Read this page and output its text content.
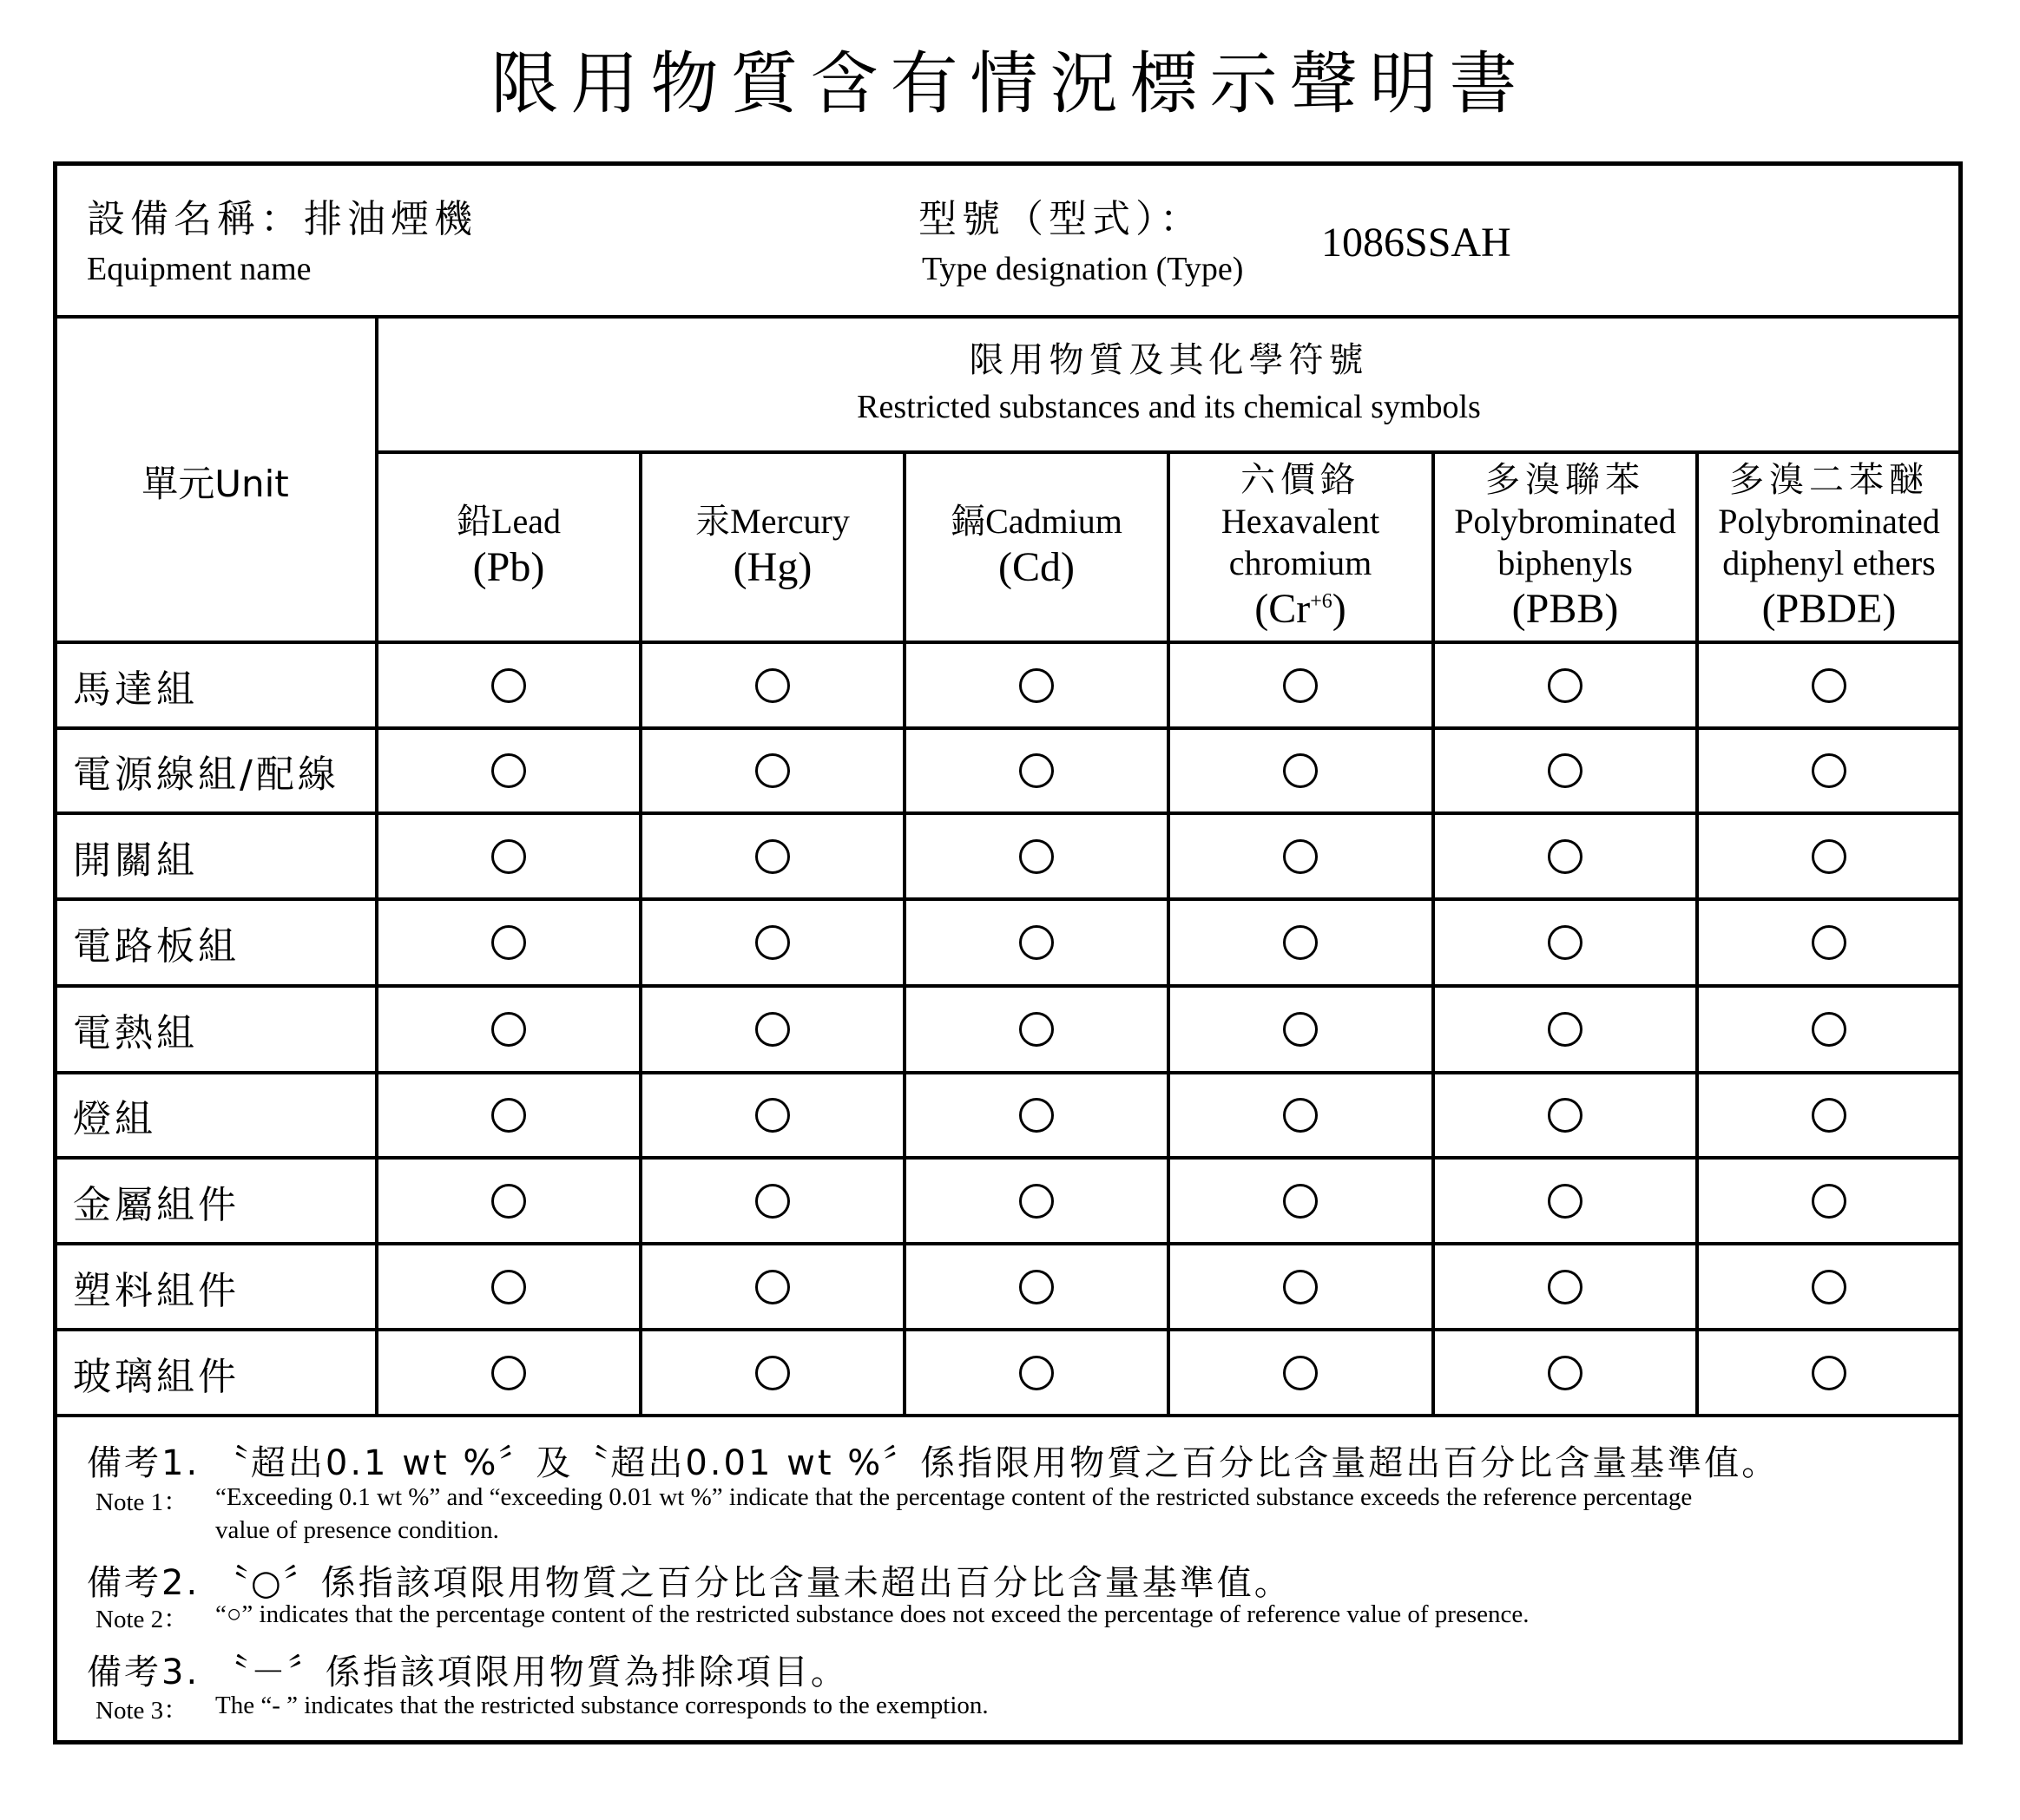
限用物質含有情況標示聲明書
設備名稱：排油煙機
Equipment name
型號（型式）：
Type designation (Type)
1086SSAH
單元Unit
限用物質及其化學符號
Restricted substances and its chemical symbols
鉛Lead
(Pb)
汞Mercury
(Hg)
鎘Cadmium
(Cd)
六價鉻
Hexavalent
chromium
$(Cr^{+6})$
多溴聯苯
Polybrominated
biphenyls
(PBB)
多溴二苯醚
Polybrominated
diphenyl ethers
(PBDE)
馬達組
電源線組/配線
開關組
電路板組
電熱組
燈組
金屬組件
塑料組件
玻璃組件
備考1. 〝超出0.1 wt %〞及〝超出0.01 wt %〞係指限用物質之百分比含量超出百分比含量基準值。
Note 1： “Exceeding 0.1 wt %” and “exceeding 0.01 wt %” indicate that the percentage content of the restricted substance exceeds the reference percentage
value of presence condition.
備考2. 〝○〞係指該項限用物質之百分比含量未超出百分比含量基準值。
Note 2： “○” indicates that the percentage content of the restricted substance does not exceed the percentage of reference value of presence.
備考3. 〝－〞係指該項限用物質為排除項目。
Note 3： The “- ” indicates that the restricted substance corresponds to the exemption.
